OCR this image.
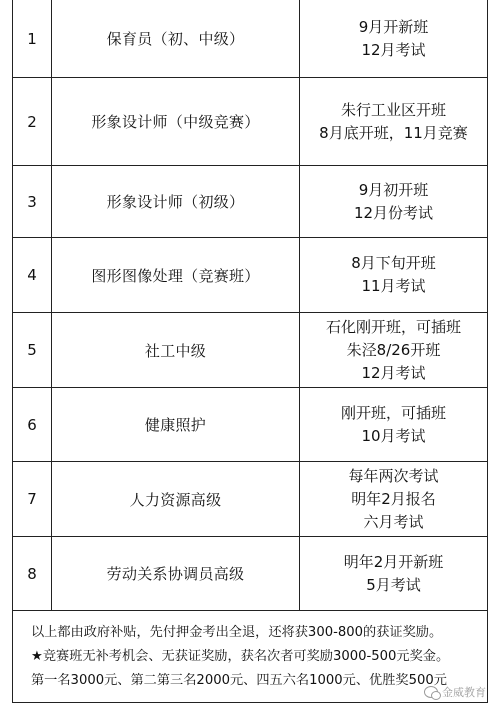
1	保育员（初、中级）
9月开新班
12月考试
2	形象设计师（中级竞赛）
朱行工业区开班
8月底开班，11月竞赛
3	形象设计师（初级）
9月初开班
12月份考试
4	图形图像处理（竞赛班）
8月下旬开班
11月考试
5	社工中级
石化刚开班，可插班
朱泾8/26开班
12月考试
6	健康照护
刚开班，可插班
10月考试
7	人力资源高级
每年两次考试
明年2月报名
六月考试
8	劳动关系协调员高级
明年2月开新班
5月考试
以上都由政府补贴，先付押金考出全退，还将获300-800的获证奖励。
★竞赛班无补考机会、无获证奖励，获名次者可奖励3000-500元奖金。
第一名3000元、第二第三名2000元、四五六名1000元、优胜奖500元
金威教育
